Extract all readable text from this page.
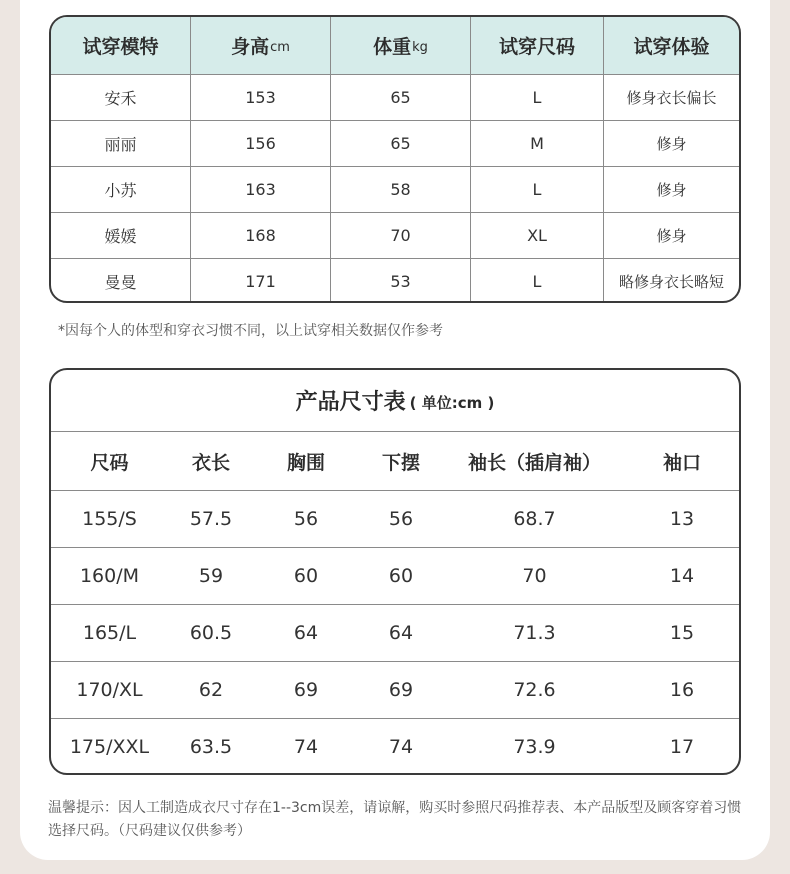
试穿模特	身高 cm	体重 kg	试穿尺码	试穿体验
安禾	153	65	L	修身衣长偏长
丽丽	156	65	M	修身
小苏	163	58	L	修身
媛媛	168	70	XL	修身
曼曼	171	53	L	略修身衣长略短
*因每个人的体型和穿衣习惯不同，以上试穿相关数据仅作参考
产品尺寸表 ( 单位:cm )
尺码	衣长	胸围	下摆	袖长（插肩袖）	袖口
155/S	57.5	56	56	68.7	13
160/M	59	60	60	70	14
165/L	60.5	64	64	71.3	15
170/XL	62	69	69	72.6	16
175/XXL	63.5	74	74	73.9	17
温馨提示：因人工制造成衣尺寸存在1--3cm误差，请谅解，购买时参照尺码推荐表、本产品版型及顾客穿着习惯选择尺码。（尺码建议仅供参考）
